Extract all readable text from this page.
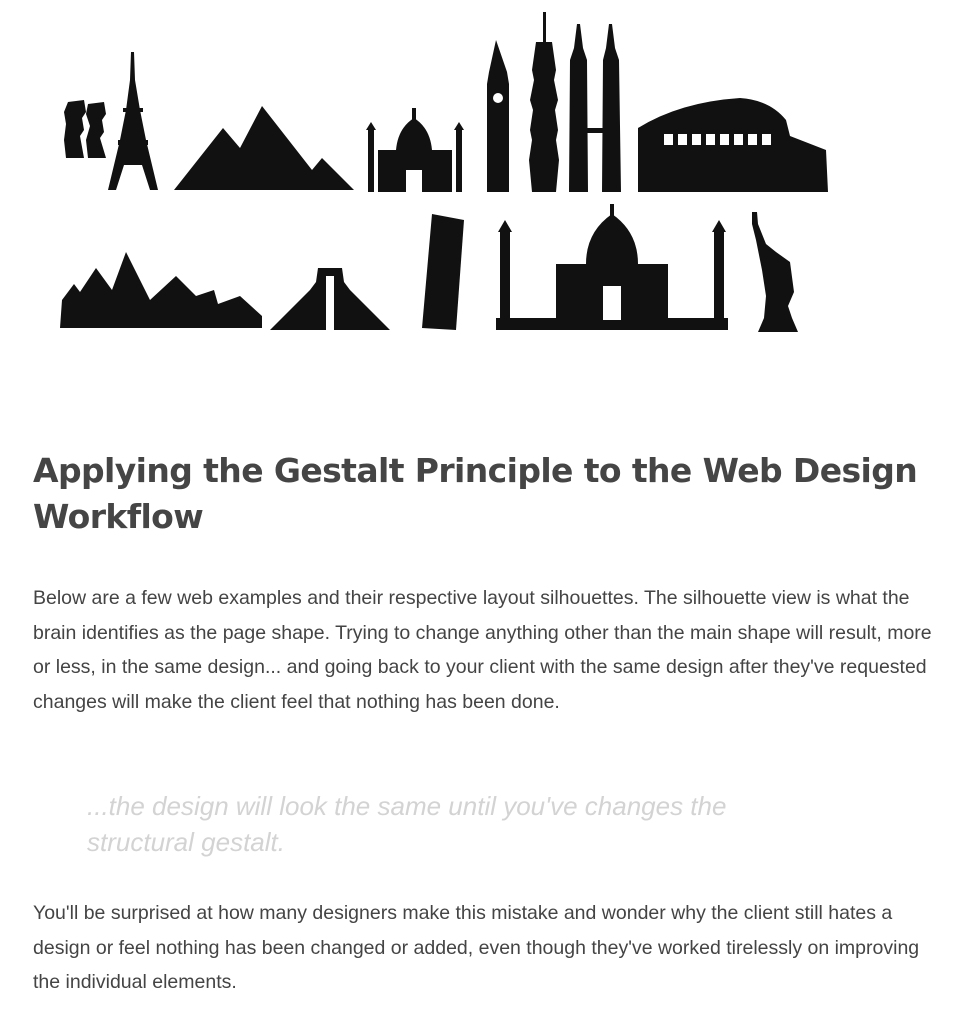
Applying the Gestalt Principle to the Web Design Workflow

Below are a few web examples and their respective layout silhouettes. The silhouette view is what the brain identifies as the page shape. Trying to change anything other than the main shape will result, more or less, in the same design... and going back to your client with the same design after they've requested changes will make the client feel that nothing has been done.

...the design will look the same until you've changes the structural gestalt.

You'll be surprised at how many designers make this mistake and wonder why the client still hates a design or feel nothing has been changed or added, even though they've worked tirelessly on improving the individual elements.
